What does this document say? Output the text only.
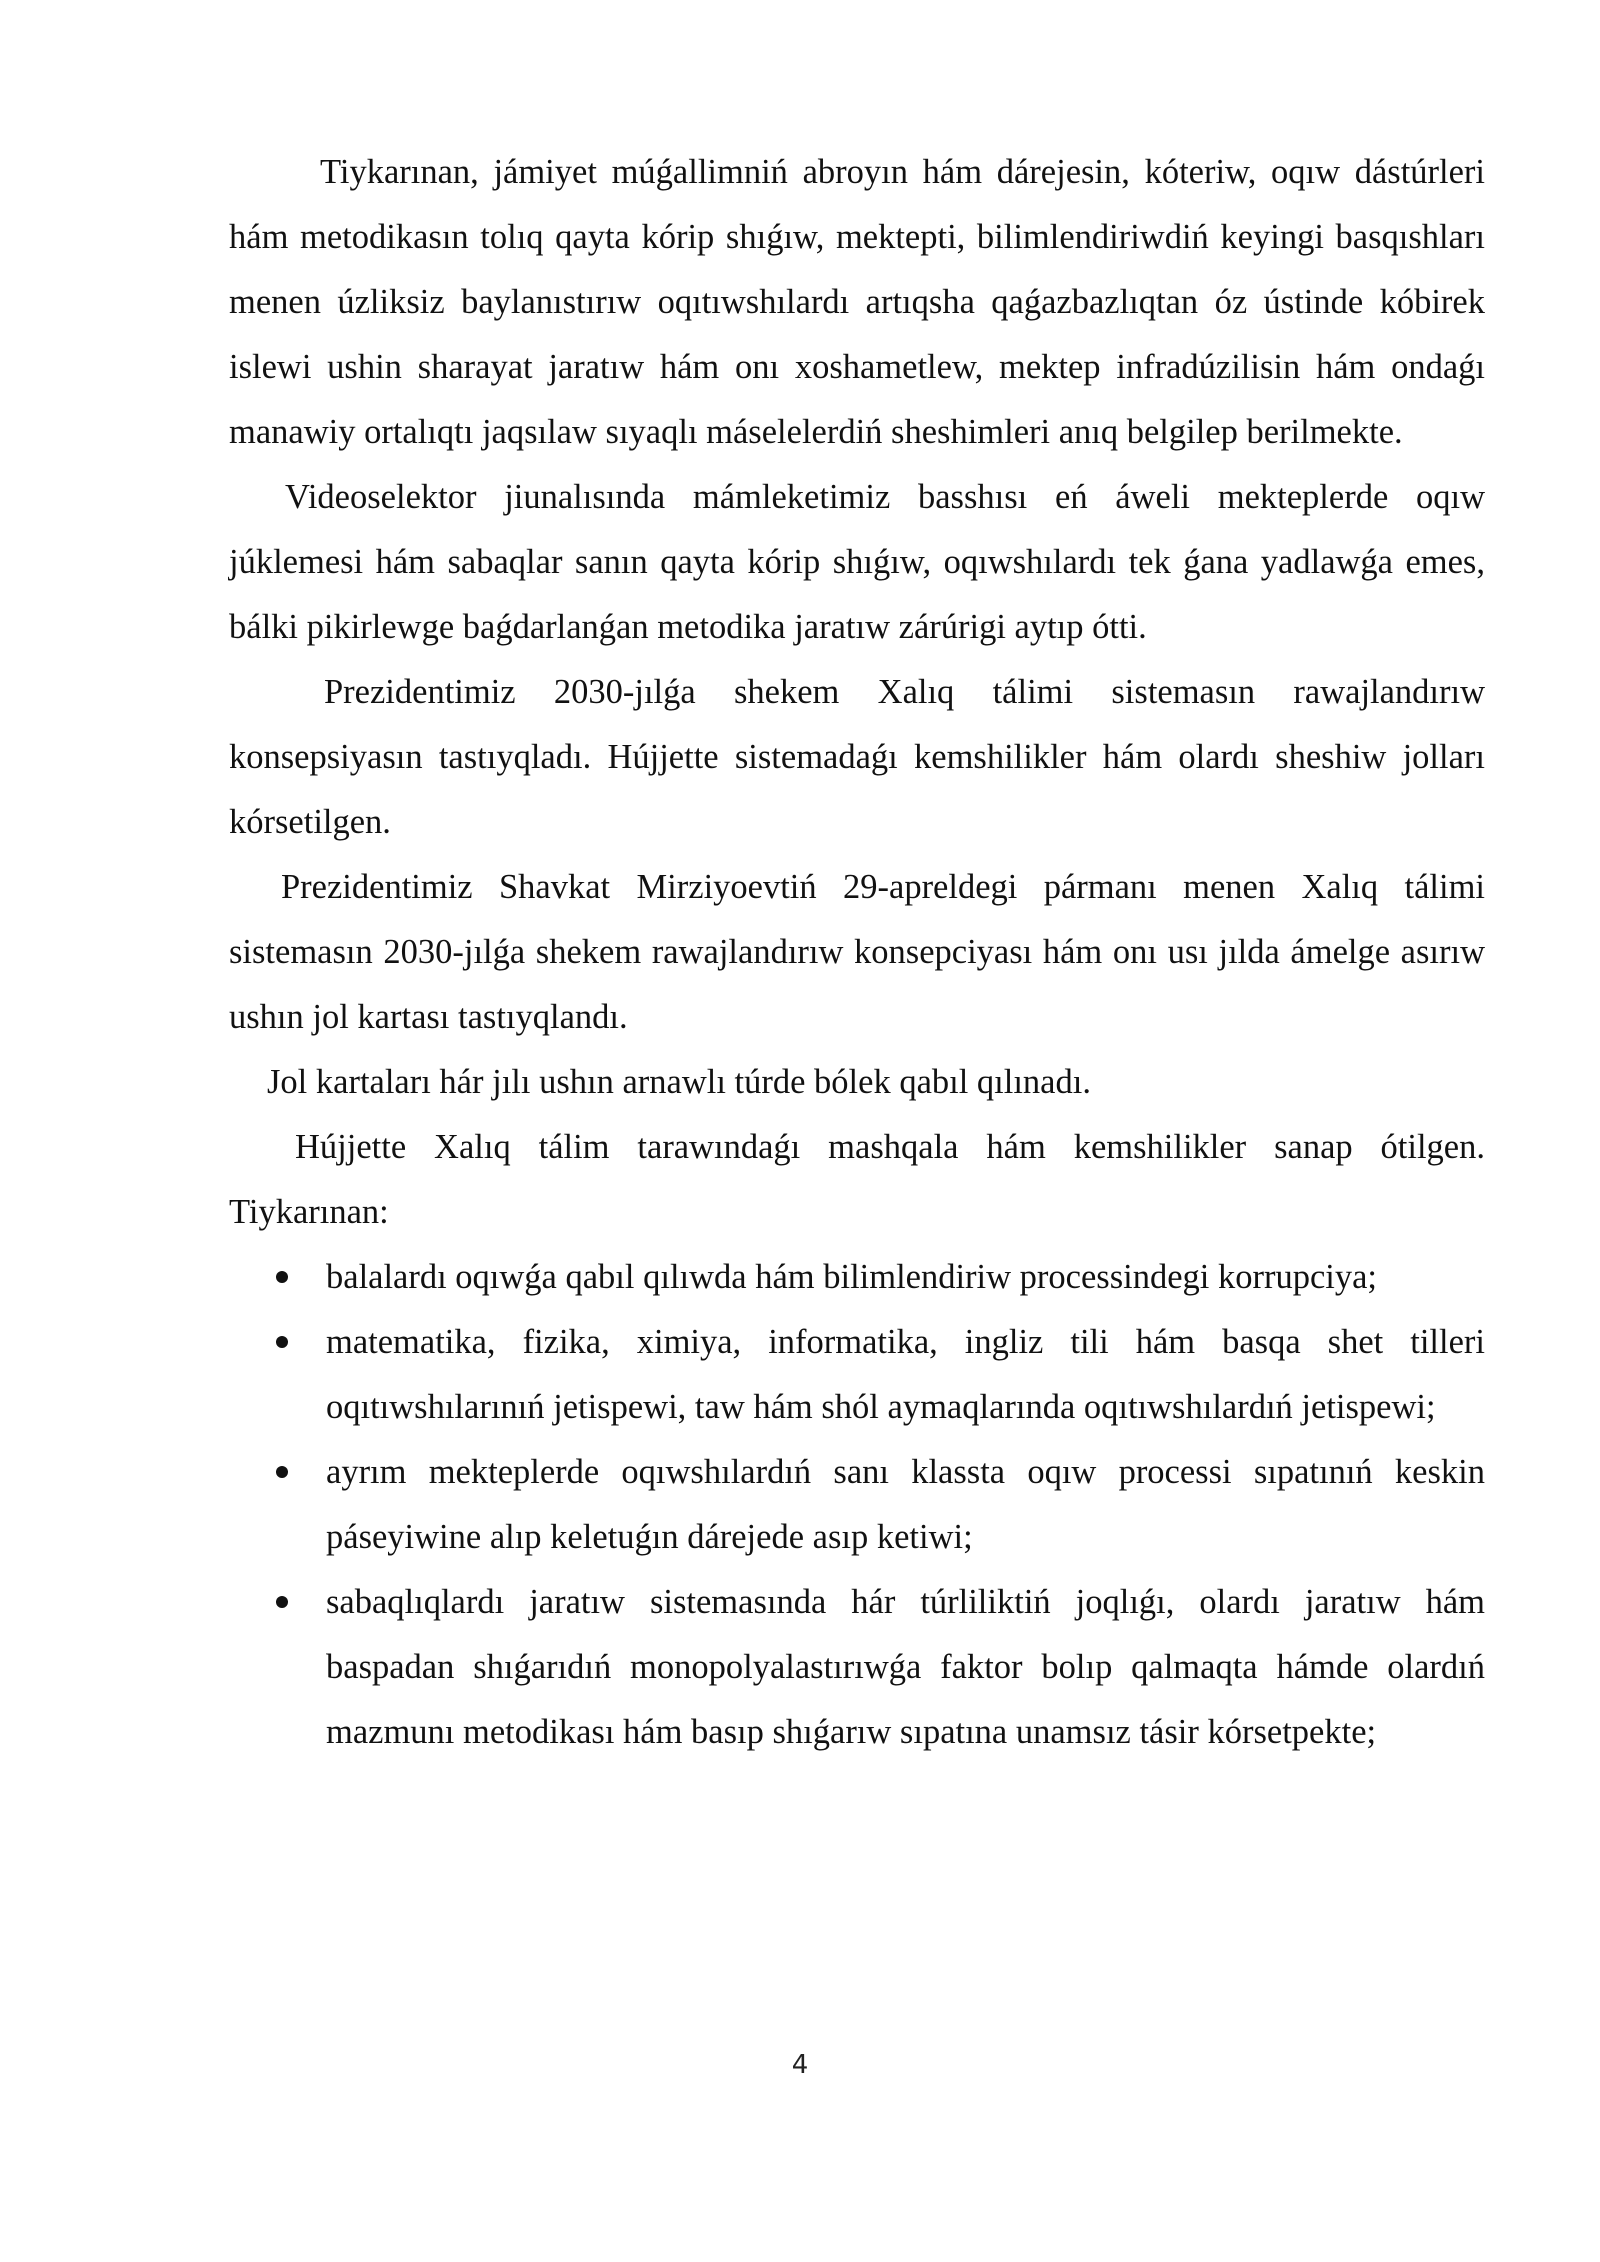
Tiykarınan, jámiyet múǵallimniń abroyın hám dárejesin, kóteriw, oqıw dástúrleri hám metodikasın tolıq qayta kórip shıǵıw, mektepti, bilimlendiriwdiń keyingi basqıshları menen úzliksiz baylanıstırıw oqıtıwshılardı artıqsha qaǵazbazlıqtan óz ústinde kóbirek islewi ushin sharayat jaratıw hám onı xoshametlew, mektep infradúzilisin hám ondaǵı manawiy ortalıqtı jaqsılaw sıyaqlı máselelerdiń sheshimleri anıq belgilep berilmekte.

Videoselektor jiunalısında mámleketimiz basshısı eń áweli mekteplerde oqıw júklemesi hám sabaqlar sanın qayta kórip shıǵıw, oqıwshılardı tek ǵana yadlawǵa emes, bálki pikirlewge baǵdarlanǵan metodika jaratıw zárúrigi aytıp ótti.

Prezidentimiz 2030-jılǵa shekem Xalıq tálimi sistemasın rawajlandırıw konsepsiyasın tastıyqladı. Hújjette sistemadaǵı kemshilikler hám olardı sheshiw jolları kórsetilgen.

Prezidentimiz Shavkat Mirziyoevtiń 29-apreldegi pármanı menen Xalıq tálimi sistemasın 2030-jılǵa shekem rawajlandırıw konsepciyası hám onı usı jılda ámelge asırıw ushın jol kartası tastıyqlandı.

Jol kartaları hár jılı ushın arnawlı túrde bólek qabıl qılınadı.

Hújjette Xalıq tálim tarawındaǵı mashqala hám kemshilikler sanap ótilgen. Tiykarınan:

balalardı oqıwǵa qabıl qılıwda hám bilimlendiriw processindegi korrupciya;
matematika, fizika, ximiya, informatika, ingliz tili hám basqa shet tilleri oqıtıwshılarınıń jetispewi, taw hám shól aymaqlarında oqıtıwshılardıń jetispewi;
ayrım mekteplerde oqıwshılardıń sanı klassta oqıw processi sıpatınıń keskin páseyiwine alıp keletuǵın dárejede asıp ketiwi;
sabaqlıqlardı jaratıw sistemasında hár túrliliktiń joqlıǵı, olardı jaratıw hám baspadan shıǵarıdıń monopolyalastırıwǵa faktor bolıp qalmaqta hámde olardıń mazmunı metodikası hám basıp shıǵarıw sıpatına unamsız tásir kórsetpekte;
4
